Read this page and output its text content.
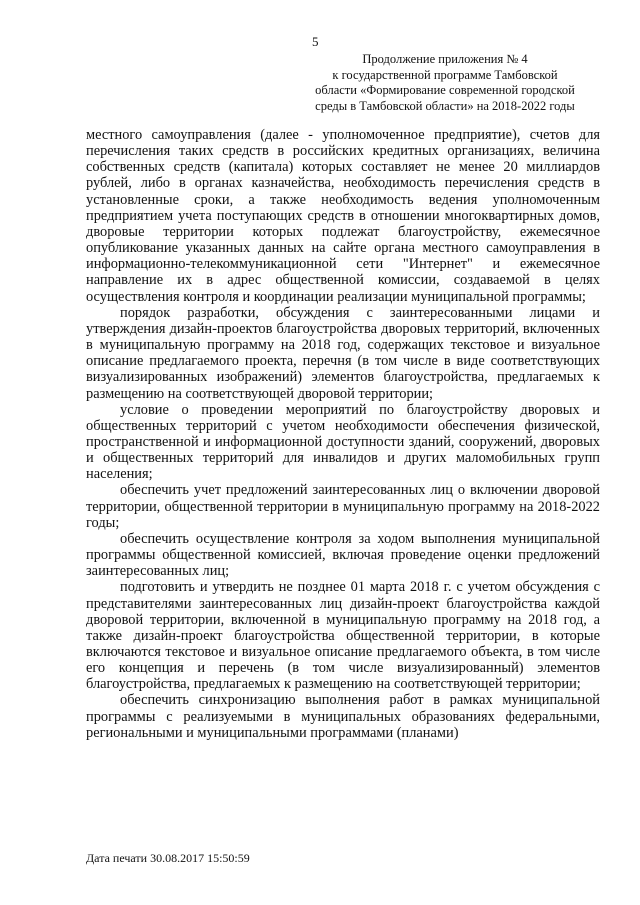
5
Продолжение приложения № 4
к государственной программе Тамбовской
области «Формирование современной городской
среды в Тамбовской области» на 2018-2022 годы

местного самоуправления (далее - уполномоченное предприятие), счетов для перечисления таких средств в российских кредитных организациях, величина собственных средств (капитала) которых составляет не менее 20 миллиардов рублей, либо в органах казначейства, необходимость перечисления средств в установленные сроки, а также необходимость ведения уполномоченным предприятием учета поступающих средств в отношении многоквартирных домов, дворовые территории которых подлежат благоустройству, ежемесячное опубликование указанных данных на сайте органа местного самоуправления в информационно-телекоммуникационной сети "Интернет" и ежемесячное направление их в адрес общественной комиссии, создаваемой в целях осуществления контроля и координации реализации муниципальной программы;

порядок разработки, обсуждения с заинтересованными лицами и утверждения дизайн-проектов благоустройства дворовых территорий, включенных в муниципальную программу на 2018 год, содержащих текстовое и визуальное описание предлагаемого проекта, перечня (в том числе в виде соответствующих визуализированных изображений) элементов благоустройства, предлагаемых к размещению на соответствующей дворовой территории;

условие о проведении мероприятий по благоустройству дворовых и общественных территорий с учетом необходимости обеспечения физической, пространственной и информационной доступности зданий, сооружений, дворовых и общественных территорий для инвалидов и других маломобильных групп населения;

обеспечить учет предложений заинтересованных лиц о включении дворовой территории, общественной территории в муниципальную программу на 2018-2022 годы;

обеспечить осуществление контроля за ходом выполнения муниципальной программы общественной комиссией, включая проведение оценки предложений заинтересованных лиц;

подготовить и утвердить не позднее 01 марта 2018 г. с учетом обсуждения с представителями заинтересованных лиц дизайн-проект благоустройства каждой дворовой территории, включенной в муниципальную программу на 2018 год, а также дизайн-проект благоустройства общественной территории, в которые включаются текстовое и визуальное описание предлагаемого объекта, в том числе его концепция и перечень (в том числе визуализированный) элементов благоустройства, предлагаемых к размещению на соответствующей территории;

обеспечить синхронизацию выполнения работ в рамках муниципальной программы с реализуемыми в муниципальных образованиях федеральными, региональными и муниципальными программами (планами)

Дата печати 30.08.2017 15:50:59
